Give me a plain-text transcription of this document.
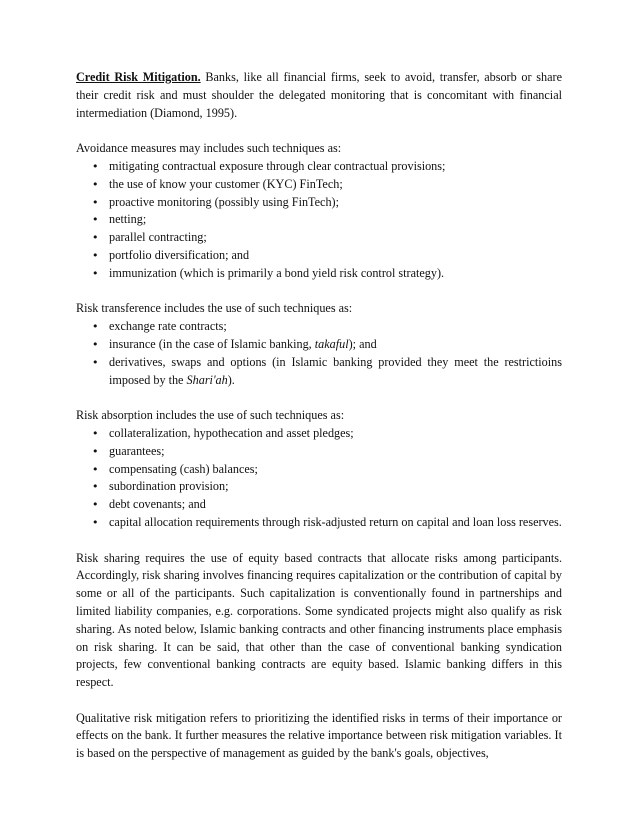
Credit Risk Mitigation. Banks, like all financial firms, seek to avoid, transfer, absorb or share their credit risk and must shoulder the delegated monitoring that is concomitant with financial intermediation (Diamond, 1995).

Avoidance measures may includes such techniques as:

• mitigating contractual exposure through clear contractual provisions;
• the use of know your customer (KYC) FinTech;
• proactive monitoring (possibly using FinTech);
• netting;
• parallel contracting;
• portfolio diversification; and
• immunization (which is primarily a bond yield risk control strategy).

Risk transference includes the use of such techniques as:

• exchange rate contracts;
• insurance (in the case of Islamic banking, takaful); and
• derivatives, swaps and options (in Islamic banking provided they meet the restrictioins imposed by the Shari'ah).

Risk absorption includes the use of such techniques as:

• collateralization, hypothecation and asset pledges;
• guarantees;
• compensating (cash) balances;
• subordination provision;
• debt covenants; and
• capital allocation requirements through risk-adjusted return on capital and loan loss reserves.

Risk sharing requires the use of equity based contracts that allocate risks among participants. Accordingly, risk sharing involves financing requires capitalization or the contribution of capital by some or all of the participants. Such capitalization is conventionally found in partnerships and limited liability companies, e.g. corporations. Some syndicated projects might also qualify as risk sharing. As noted below, Islamic banking contracts and other financing instruments place emphasis on risk sharing. It can be said, that other than the case of conventional banking syndication projects, few conventional banking contracts are equity based. Islamic banking differs in this respect.

Qualitative risk mitigation refers to prioritizing the identified risks in terms of their importance or effects on the bank. It further measures the relative importance between risk mitigation variables. It is based on the perspective of management as guided by the bank's goals, objectives,
